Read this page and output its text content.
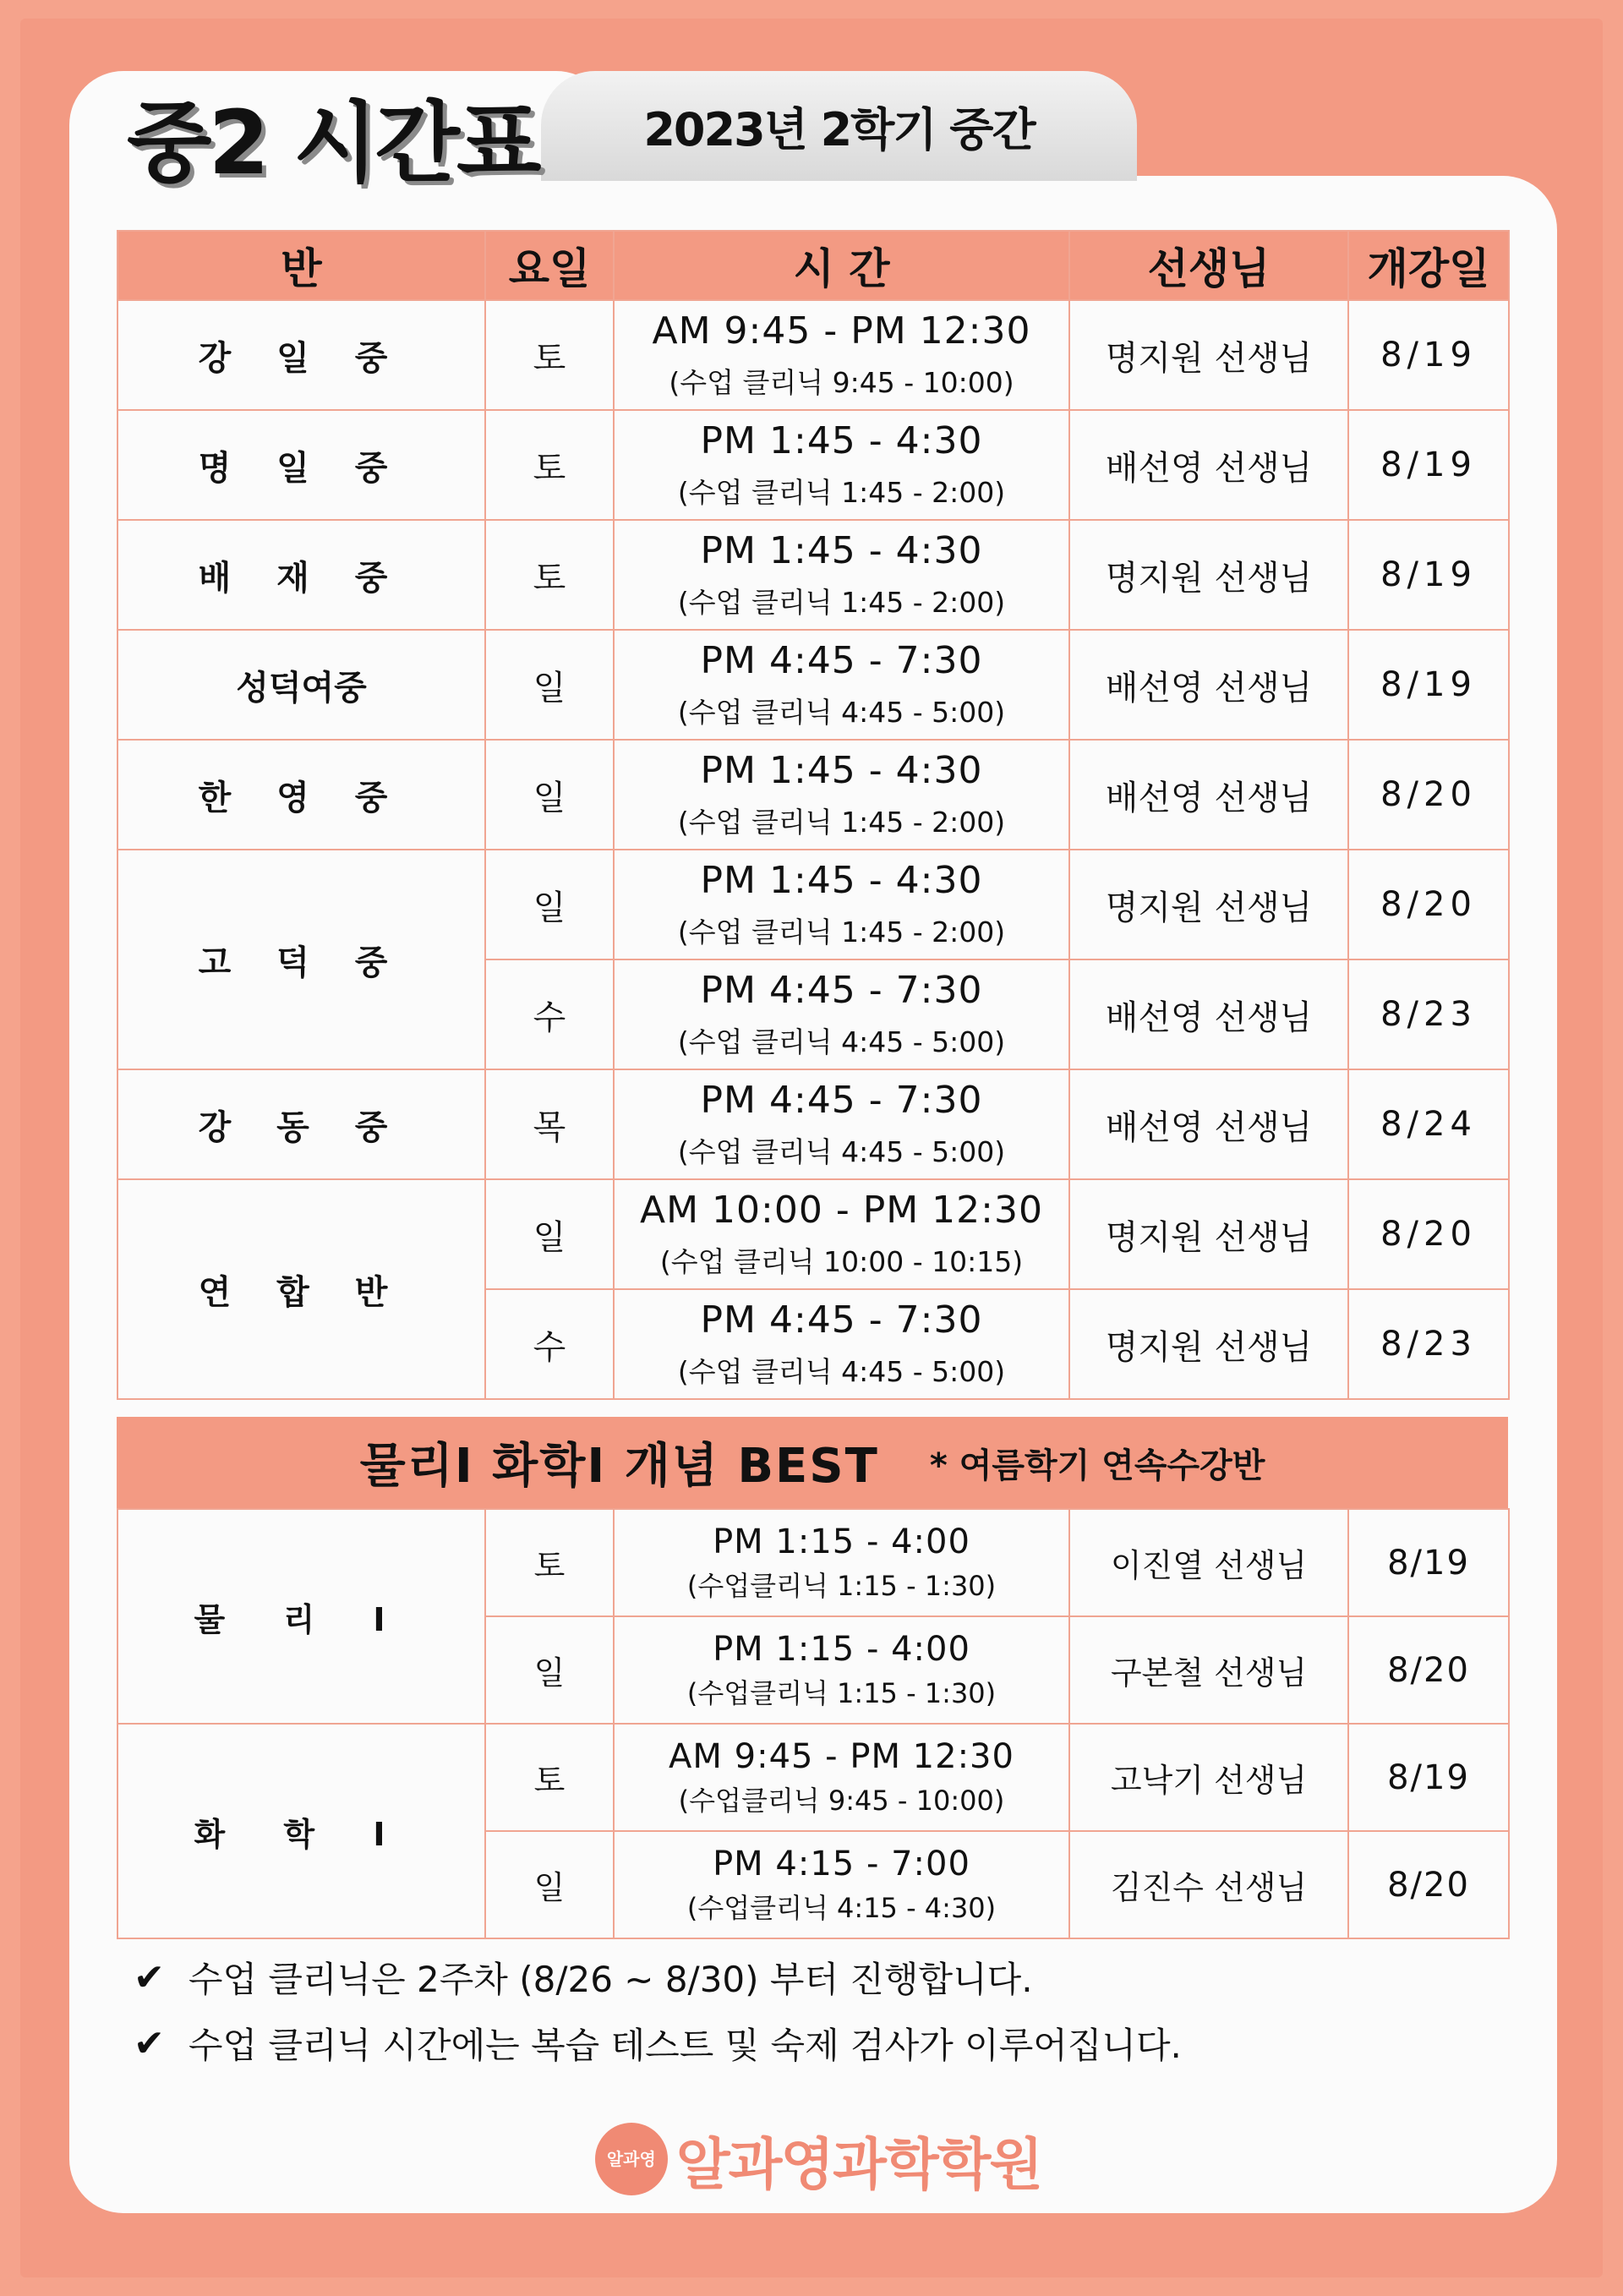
2023년 2학기 중간
중2 시간표
반	요일	시 간	선생님	개강일
강 일 중	토	AM 9:45 - PM 12:30
(수업 클리닉 9:45 - 10:00)	명지원 선생님	8/19
명 일 중	토	PM 1:45 - 4:30
(수업 클리닉 1:45 - 2:00)	배선영 선생님	8/19
배 재 중	토	PM 1:45 - 4:30
(수업 클리닉 1:45 - 2:00)	명지원 선생님	8/19
성덕여중	일	PM 4:45 - 7:30
(수업 클리닉 4:45 - 5:00)	배선영 선생님	8/19
한 영 중	일	PM 1:45 - 4:30
(수업 클리닉 1:45 - 2:00)	배선영 선생님	8/20
고 덕 중	일	PM 1:45 - 4:30
(수업 클리닉 1:45 - 2:00)	명지원 선생님	8/20
	수	PM 4:45 - 7:30
(수업 클리닉 4:45 - 5:00)	배선영 선생님	8/23
강 동 중	목	PM 4:45 - 7:30
(수업 클리닉 4:45 - 5:00)	배선영 선생님	8/24
연 합 반	일	AM 10:00 - PM 12:30
(수업 클리닉 10:00 - 10:15)	명지원 선생님	8/20
	수	PM 4:45 - 7:30
(수업 클리닉 4:45 - 5:00)	명지원 선생님	8/23
물리Ⅰ 화학Ⅰ 개념 BEST * 여름학기 연속수강반
물 리 Ⅰ	토	PM 1:15 - 4:00
(수업클리닉 1:15 - 1:30)	이진열 선생님	8/19
	일	PM 1:15 - 4:00
(수업클리닉 1:15 - 1:30)	구본철 선생님	8/20
화 학 Ⅰ	토	AM 9:45 - PM 12:30
(수업클리닉 9:45 - 10:00)	고낙기 선생님	8/19
	일	PM 4:15 - 7:00
(수업클리닉 4:15 - 4:30)	김진수 선생님	8/20
✔ 수업 클리닉은 2주차 (8/26 ~ 8/30) 부터 진행합니다.
✔ 수업 클리닉 시간에는 복습 테스트 및 숙제 검사가 이루어집니다.
알과영 알과영과학학원
